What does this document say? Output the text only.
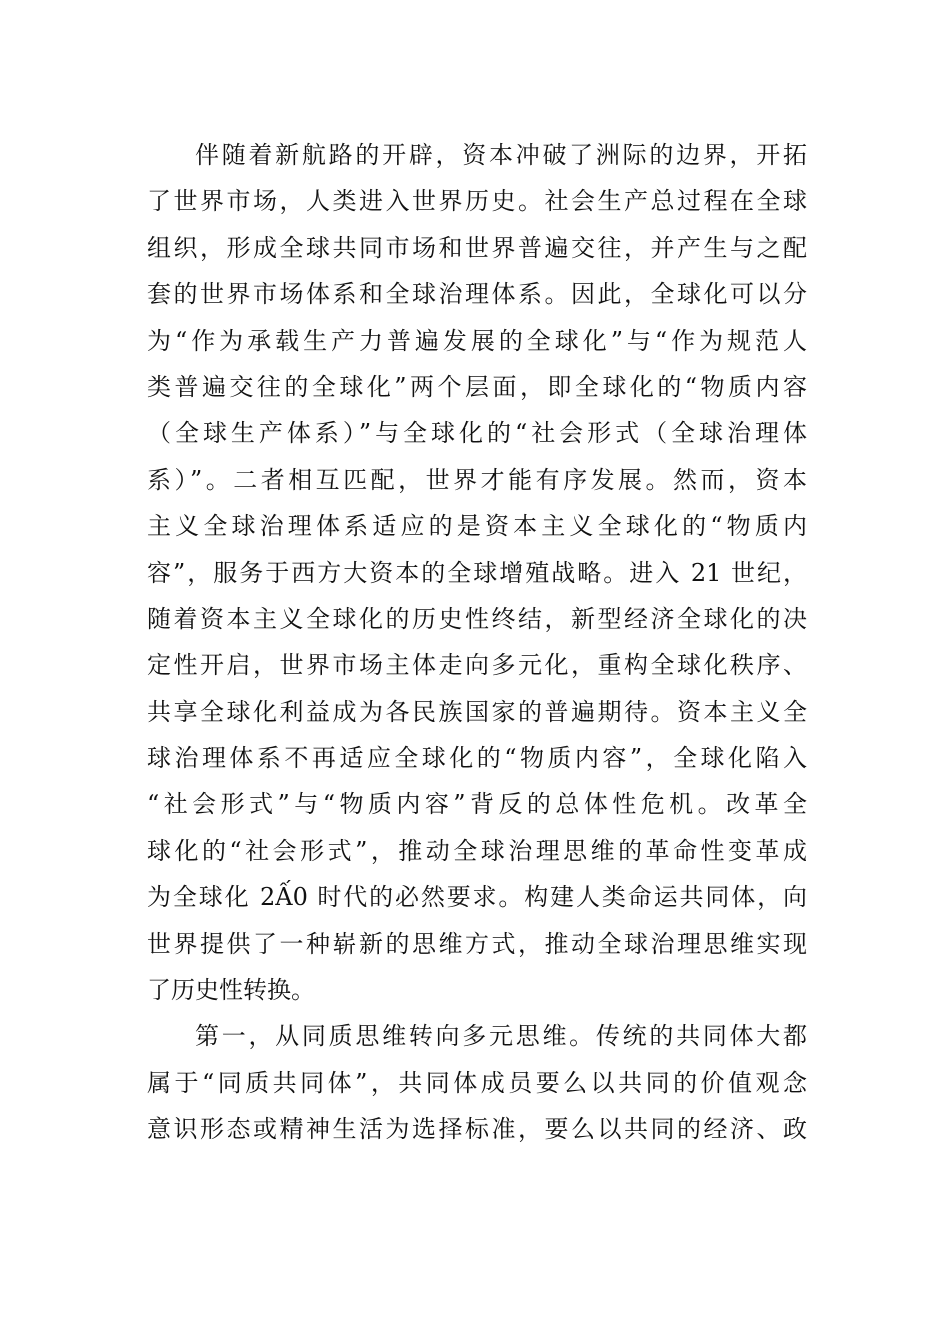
伴随着新航路的开辟，资本冲破了洲际的边界，开拓
了世界市场，人类进入世界历史。社会生产总过程在全球
组织，形成全球共同市场和世界普遍交往，并产生与之配
套的世界市场体系和全球治理体系。因此，全球化可以分
为“作为承载生产力普遍发展的全球化”与“作为规范人
类普遍交往的全球化”两个层面，即全球化的“物质内容
（全球生产体系）”与全球化的“社会形式（全球治理体
系）”。二者相互匹配，世界才能有序发展。然而，资本
主义全球治理体系适应的是资本主义全球化的“物质内
容”，服务于西方大资本的全球增殖战略。进入 21 世纪，
随着资本主义全球化的历史性终结，新型经济全球化的决
定性开启，世界市场主体走向多元化，重构全球化秩序、
共享全球化利益成为各民族国家的普遍期待。资本主义全
球治理体系不再适应全球化的“物质内容”，全球化陷入
“社会形式”与“物质内容”背反的总体性危机。改革全
球化的“社会形式”，推动全球治理思维的革命性变革成
为全球化 2Ấ0 时代的必然要求。构建人类命运共同体，向
世界提供了一种崭新的思维方式，推动全球治理思维实现
了历史性转换。
第一，从同质思维转向多元思维。传统的共同体大都
属于“同质共同体”，共同体成员要么以共同的价值观念
意识形态或精神生活为选择标准，要么以共同的经济、政
